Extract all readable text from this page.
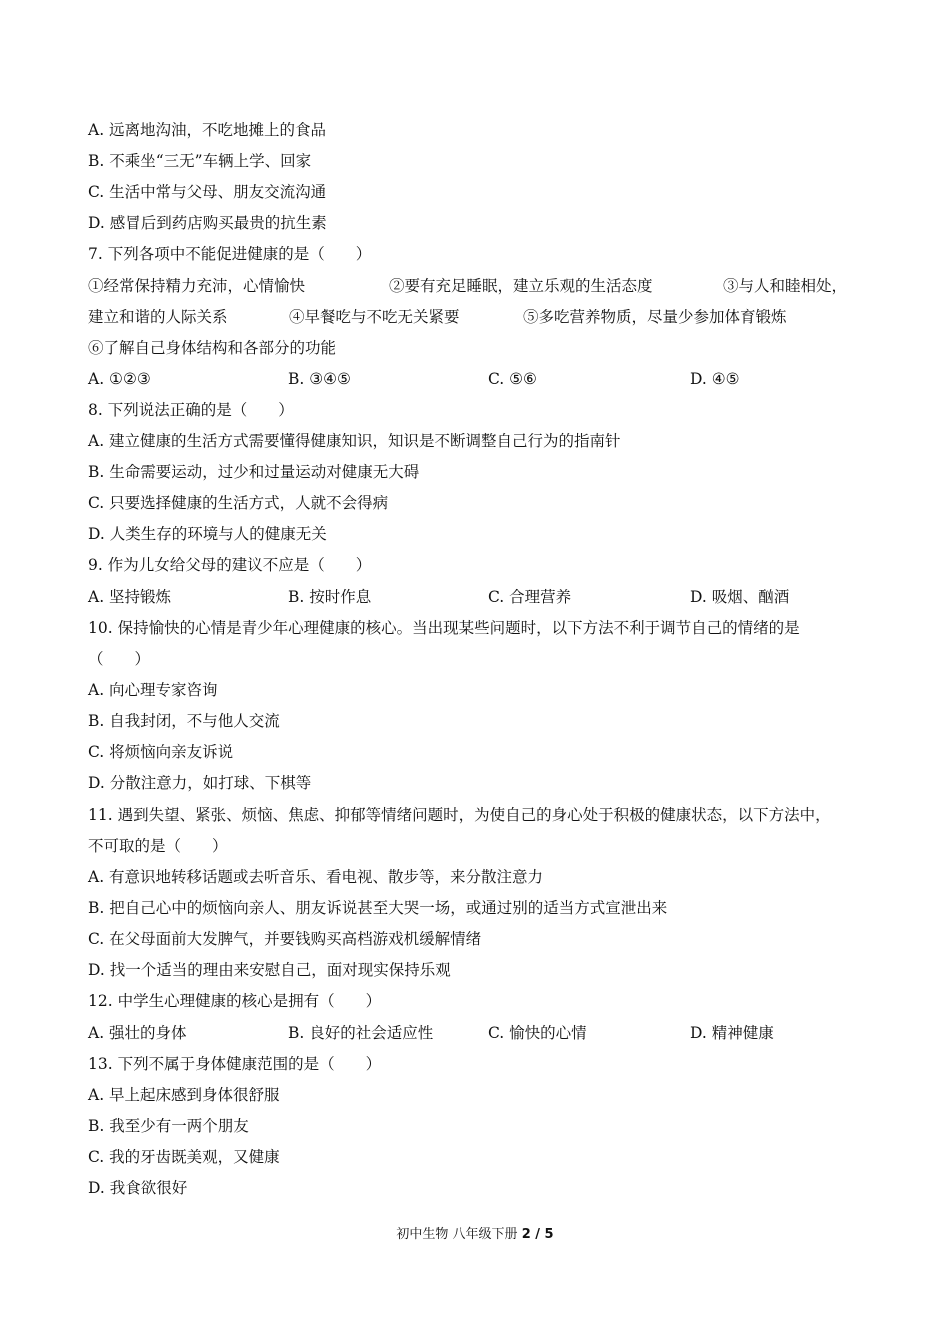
A. 远离地沟油，不吃地摊上的食品
B. 不乘坐“三无”车辆上学、回家
C. 生活中常与父母、朋友交流沟通
D. 感冒后到药店购买最贵的抗生素
7. 下列各项中不能促进健康的是（　　）
①经常保持精力充沛，心情愉快	②要有充足睡眠，建立乐观的生活态度	③与人和睦相处，
建立和谐的人际关系	④早餐吃与不吃无关紧要	⑤多吃营养物质，尽量少参加体育锻炼
⑥了解自己身体结构和各部分的功能
A. ①②③	B. ③④⑤	C. ⑤⑥	D. ④⑤
8. 下列说法正确的是（　　）
A. 建立健康的生活方式需要懂得健康知识，知识是不断调整自己行为的指南针
B. 生命需要运动，过少和过量运动对健康无大碍
C. 只要选择健康的生活方式，人就不会得病
D. 人类生存的环境与人的健康无关
9. 作为儿女给父母的建议不应是（　　）
A. 坚持锻炼	B. 按时作息	C. 合理营养	D. 吸烟、酗酒
10. 保持愉快的心情是青少年心理健康的核心。当出现某些问题时，以下方法不利于调节自己的情绪的是
（　　）
A. 向心理专家咨询
B. 自我封闭，不与他人交流
C. 将烦恼向亲友诉说
D. 分散注意力，如打球、下棋等
11. 遇到失望、紧张、烦恼、焦虑、抑郁等情绪问题时，为使自己的身心处于积极的健康状态，以下方法中，
不可取的是（　　）
A. 有意识地转移话题或去听音乐、看电视、散步等，来分散注意力
B. 把自己心中的烦恼向亲人、朋友诉说甚至大哭一场，或通过别的适当方式宣泄出来
C. 在父母面前大发脾气，并要钱购买高档游戏机缓解情绪
D. 找一个适当的理由来安慰自己，面对现实保持乐观
12. 中学生心理健康的核心是拥有（　　）
A. 强壮的身体	B. 良好的社会适应性	C. 愉快的心情	D. 精神健康
13. 下列不属于身体健康范围的是（　　）
A. 早上起床感到身体很舒服
B. 我至少有一两个朋友
C. 我的牙齿既美观，又健康
D. 我食欲很好
初中生物 八年级下册 2 / 5
